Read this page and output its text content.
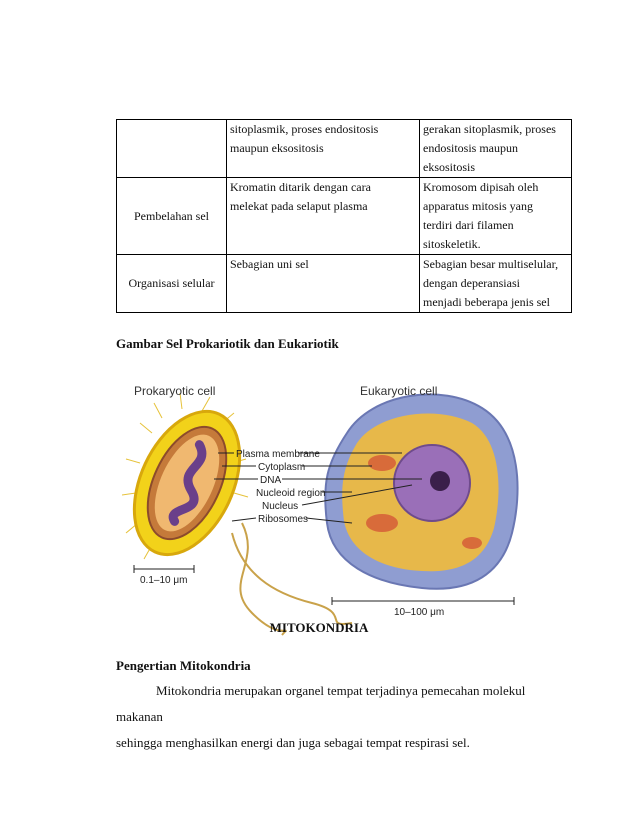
	sitoplasmik, proses endositosis
maupun eksositosis	gerakan sitoplasmik, proses
endositosis maupun
eksositosis
Pembelahan sel	Kromatin ditarik dengan cara
melekat pada selaput plasma	Kromosom dipisah oleh
apparatus mitosis yang
terdiri dari filamen
sitoskeletik.
Organisasi selular	Sebagian uni sel	Sebagian besar multiselular,
dengan deperansiasi
menjadi beberapa jenis sel
Gambar Sel Prokariotik dan Eukariotik
Prokaryotic cell	Eukaryotic cell
Plasma membrane
Cytoplasm
DNA
Nucleoid region
Nucleus
Ribosomes
0.1–10 μm
10–100 μm
MITOKONDRIA
Pengertian Mitokondria
Mitokondria merupakan organel tempat terjadinya pemecahan molekul makanan
sehingga menghasilkan energi dan juga sebagai tempat respirasi sel.
